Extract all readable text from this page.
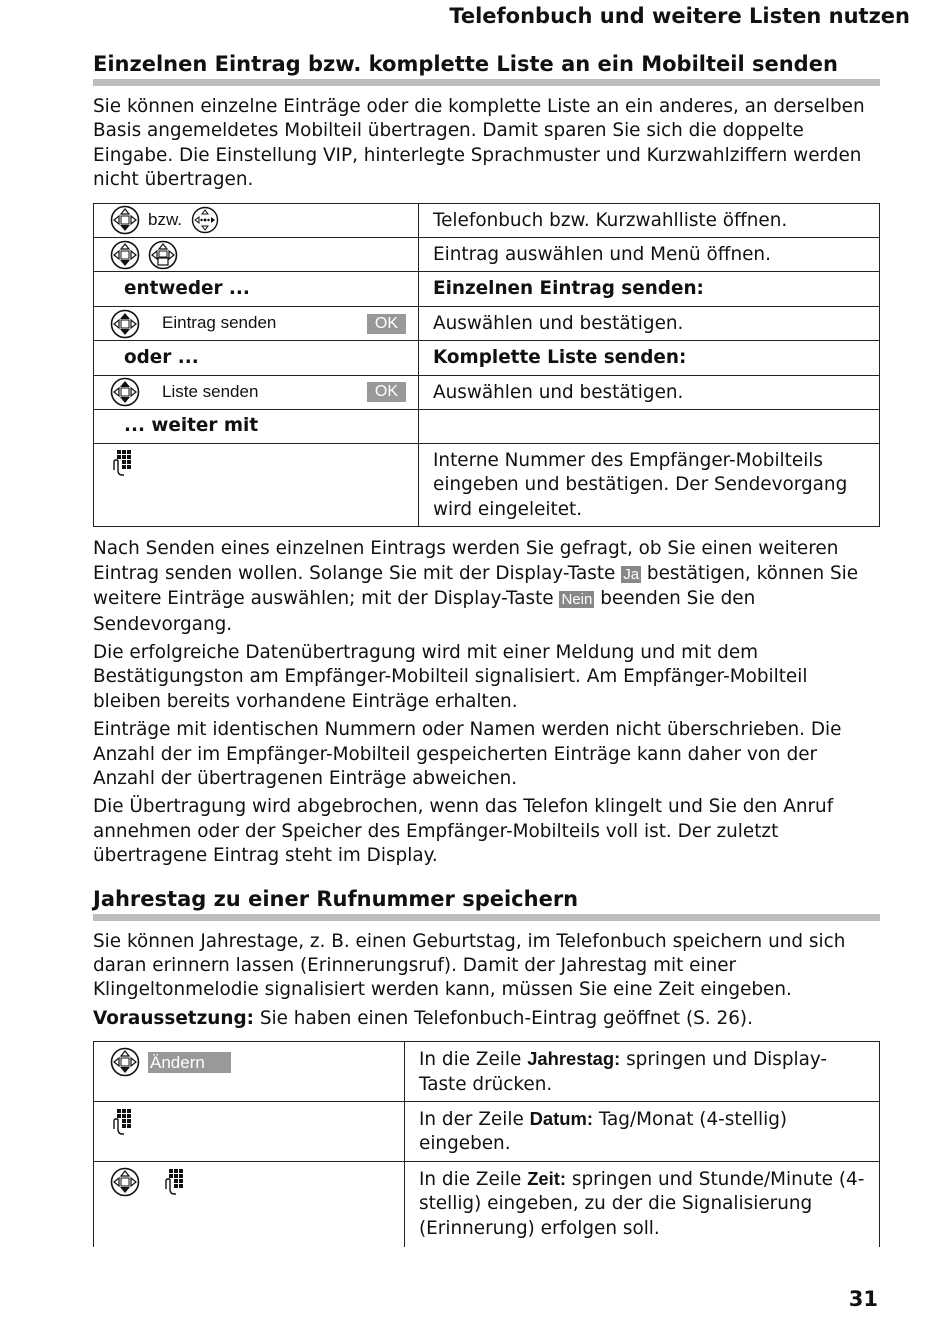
Telefonbuch und weitere Listen nutzen
Einzelnen Eintrag bzw. komplette Liste an ein Mobilteil senden

Sie können einzelne Einträge oder die komplette Liste an ein anderes, an derselben Basis angemeldetes Mobilteil übertragen. Damit sparen Sie sich die doppelte Eingabe. Die Einstellung VIP, hinterlegte Sprachmuster und Kurzwahlziffern werden nicht übertragen.

bzw.	Telefonbuch bzw. Kurzwahlliste öffnen.

	Eintrag auswählen und Menü öffnen.
entweder ...	Einzelnen Eintrag senden:

Eintrag senden OK	Auswählen und bestätigen.
oder ...	Komplette Liste senden:

Liste senden OK	Auswählen und bestätigen.
... weiter mit	

	Interne Nummer des Empfänger-Mobilteils eingeben und bestätigen. Der Sendevorgang wird eingeleitet.

Nach Senden eines einzelnen Eintrags werden Sie gefragt, ob Sie einen weiteren Eintrag senden wollen. Solange Sie mit der Display-Taste Ja bestätigen, können Sie weitere Einträge auswählen; mit der Display-Taste Nein beenden Sie den Sendevorgang.

Die erfolgreiche Datenübertragung wird mit einer Meldung und mit dem Bestätigungston am Empfänger-Mobilteil signalisiert. Am Empfänger-Mobilteil bleiben bereits vorhandene Einträge erhalten.

Einträge mit identischen Nummern oder Namen werden nicht überschrieben. Die Anzahl der im Empfänger-Mobilteil gespeicherten Einträge kann daher von der Anzahl der übertragenen Einträge abweichen.

Die Übertragung wird abgebrochen, wenn das Telefon klingelt und Sie den Anruf annehmen oder der Speicher des Empfänger-Mobilteils voll ist. Der zuletzt übertragene Eintrag steht im Display.

Jahrestag zu einer Rufnummer speichern

Sie können Jahrestage, z. B. einen Geburtstag, im Telefonbuch speichern und sich daran erinnern lassen (Erinnerungsruf). Damit der Jahrestag mit einer Klingeltonmelodie signalisiert werden kann, müssen Sie eine Zeit eingeben.

Voraussetzung: Sie haben einen Telefonbuch-Eintrag geöffnet (S. 26).

Ändern	In die Zeile Jahrestag: springen und Display-Taste drücken.

	In der Zeile Datum: Tag/Monat (4-stellig) eingeben.

	In die Zeile Zeit: springen und Stunde/Minute (4-stellig) eingeben, zu der die Signalisierung (Erinnerung) erfolgen soll.
31
